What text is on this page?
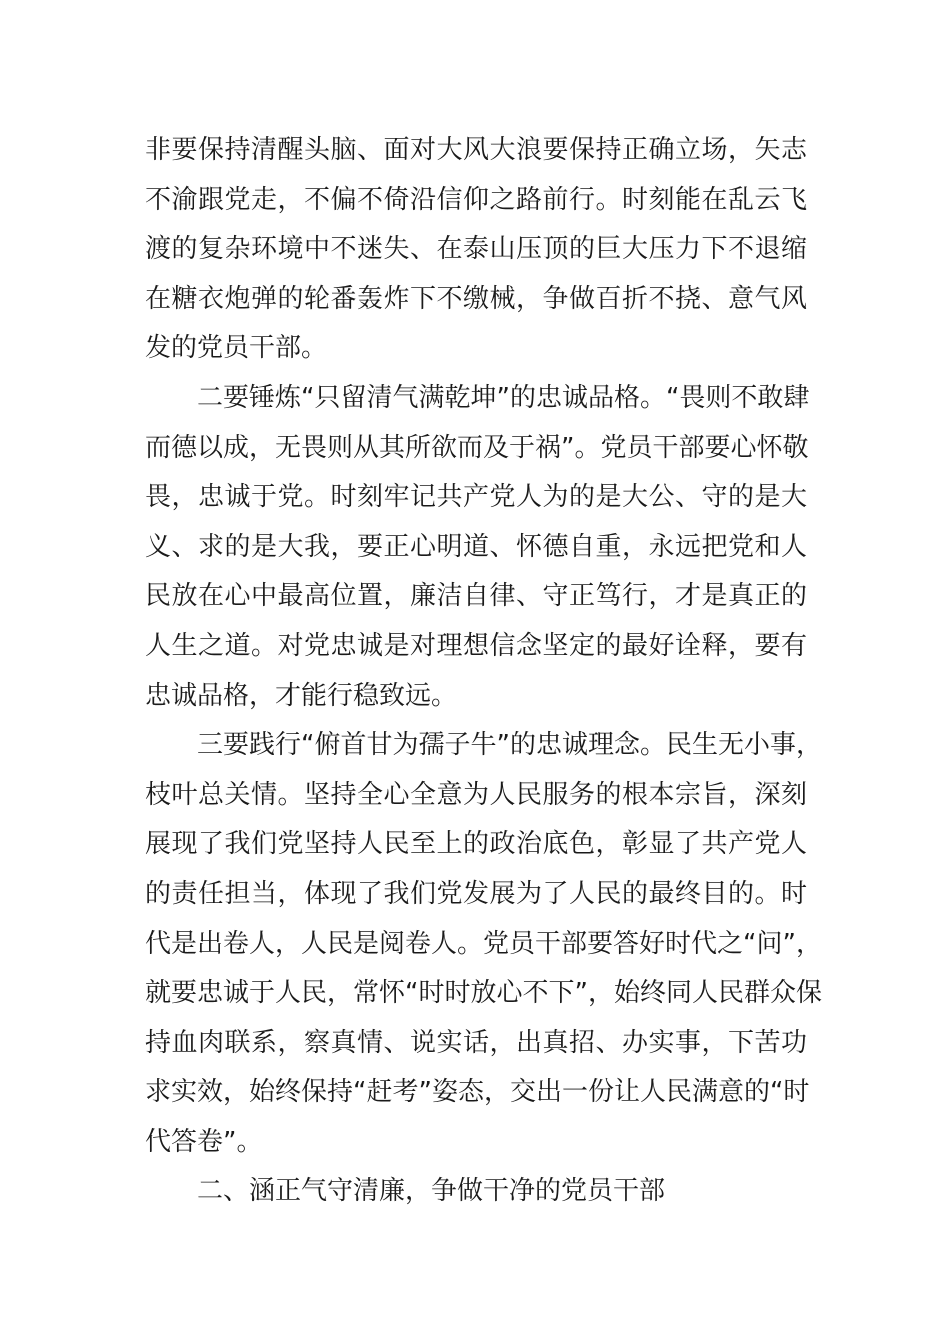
非要保持清醒头脑、面对大风大浪要保持正确立场，矢志
不渝跟党走，不偏不倚沿信仰之路前行。时刻能在乱云飞
渡的复杂环境中不迷失、在泰山压顶的巨大压力下不退缩
在糖衣炮弹的轮番轰炸下不缴械，争做百折不挠、意气风
发的党员干部。
二要锤炼“只留清气满乾坤”的忠诚品格。“畏则不敢肆
而德以成，无畏则从其所欲而及于祸”。党员干部要心怀敬
畏，忠诚于党。时刻牢记共产党人为的是大公、守的是大
义、求的是大我，要正心明道、怀德自重，永远把党和人
民放在心中最高位置，廉洁自律、守正笃行，才是真正的
人生之道。对党忠诚是对理想信念坚定的最好诠释，要有
忠诚品格，才能行稳致远。
三要践行“俯首甘为孺子牛”的忠诚理念。民生无小事，
枝叶总关情。坚持全心全意为人民服务的根本宗旨，深刻
展现了我们党坚持人民至上的政治底色，彰显了共产党人
的责任担当，体现了我们党发展为了人民的最终目的。时
代是出卷人，人民是阅卷人。党员干部要答好时代之“问”，
就要忠诚于人民，常怀“时时放心不下”，始终同人民群众保
持血肉联系，察真情、说实话，出真招、办实事，下苦功
求实效，始终保持“赶考”姿态，交出一份让人民满意的“时
代答卷”。
二、涵正气守清廉，争做干净的党员干部
